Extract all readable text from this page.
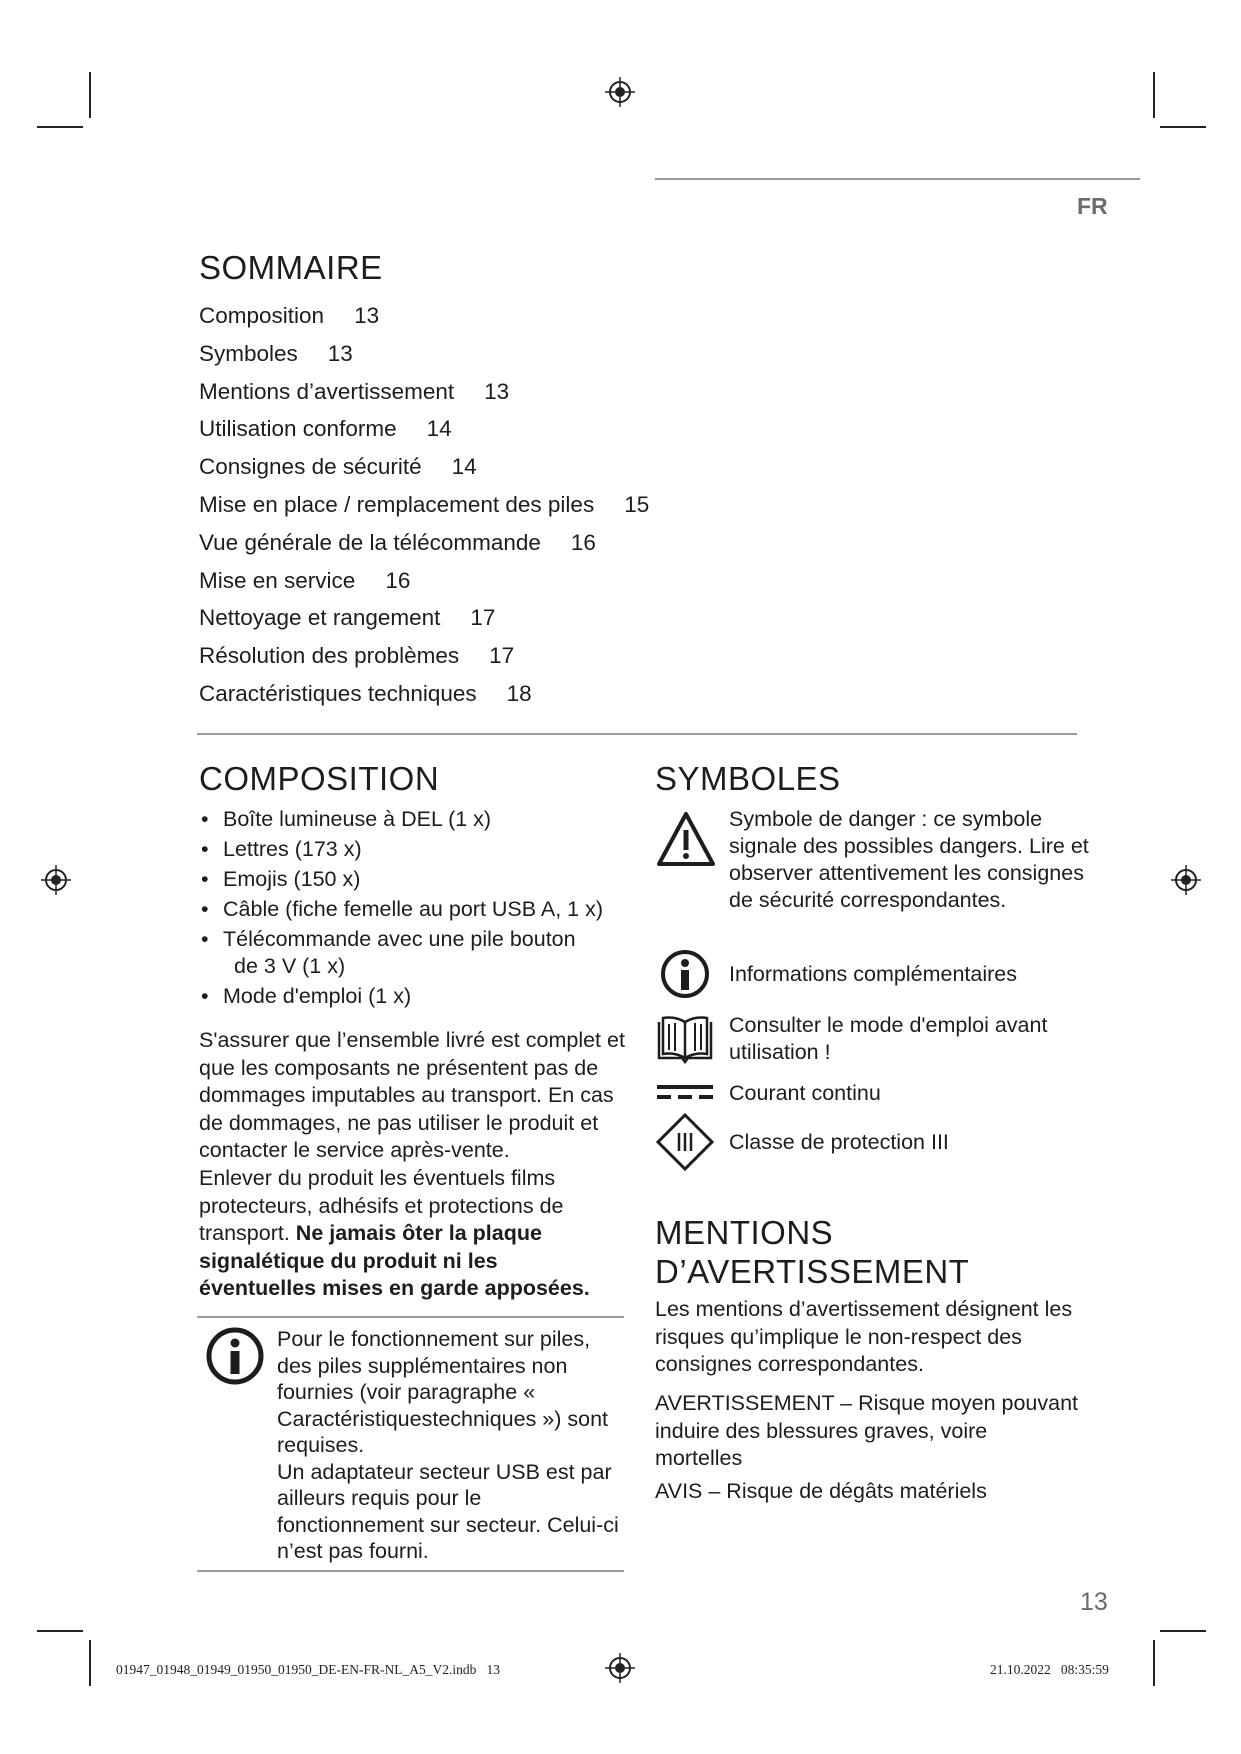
FR
SOMMAIRE
Composition 13
Symboles 13
Mentions d’avertissement 13
Utilisation conforme 14
Consignes de sécurité 14
Mise en place / remplacement des piles 15
Vue générale de la télécommande 16
Mise en service 16
Nettoyage et rangement 17
Résolution des problèmes 17
Caractéristiques techniques 18
COMPOSITION
• Boîte lumineuse à DEL (1 x)
• Lettres (173 x)
• Emojis (150 x)
• Câble (fiche femelle au port USB A, 1 x)
• Télécommande avec une pile bouton
de 3 V (1 x)
• Mode d'emploi (1 x)

S'assurer que l’ensemble livré est complet et que les composants ne présentent pas de dommages imputables au transport. En cas de dommages, ne pas utiliser le produit et contacter le service après-vente.

Enlever du produit les éventuels films protecteurs, adhésifs et protections de transport. Ne jamais ôter la plaque signalétique du produit ni les éventuelles mises en garde apposées.

Pour le fonctionnement sur piles, des piles supplémentaires non fournies (voir paragraphe « Caractéristiquestechniques ») sont requises.
Un adaptateur secteur USB est par ailleurs requis pour le fonctionnement sur secteur. Celui-ci n’est pas fourni.
SYMBOLES
Symbole de danger : ce symbole signale des possibles dangers. Lire et observer attentivement les consignes de sécurité correspondantes.
Informations complémentaires
Consulter le mode d'emploi avant utilisation !
Courant continu
Classe de protection III
MENTIONS
D’AVERTISSEMENT

Les mentions d’avertissement désignent les risques qu’implique le non-respect des consignes correspondantes.

AVERTISSEMENT – Risque moyen pouvant induire des blessures graves, voire mortelles

AVIS – Risque de dégâts matériels

13
01947_01948_01949_01950_01950_DE-EN-FR-NL_A5_V2.indb   13	21.10.2022   08:35:59
